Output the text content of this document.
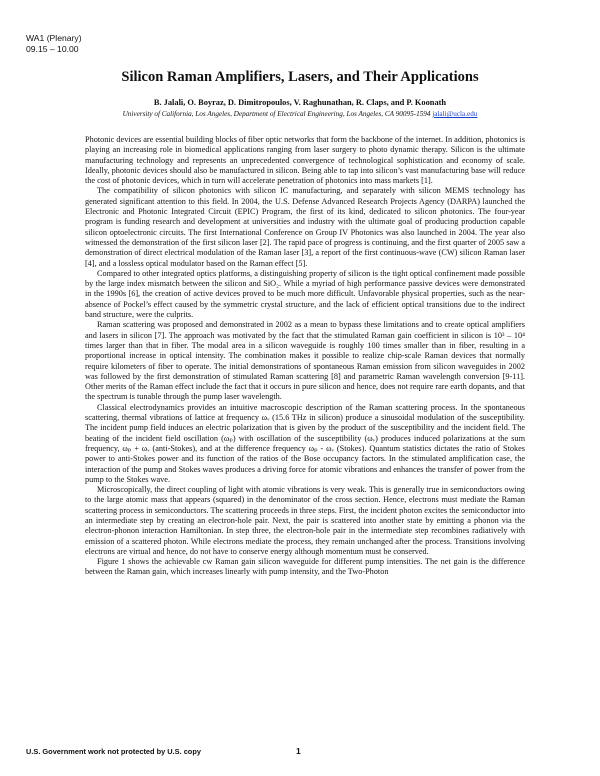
WA1 (Plenary)
09.15 – 10.00
Silicon Raman Amplifiers, Lasers, and Their Applications
B. Jalali, O. Boyraz, D. Dimitropoulos, V. Raghunathan, R. Claps, and P. Koonath
University of California, Los Angeles, Department of Electrical Engineering, Los Angeles, CA 90095-1594 jalali@ucla.edu

Photonic devices are essential building blocks of fiber optic networks that form the backbone of the internet. In addition, photonics is playing an increasing role in biomedical applications ranging from laser surgery to photo dynamic therapy. Silicon is the ultimate manufacturing technology and represents an unprecedented convergence of technological sophistication and economy of scale. Ideally, photonic devices should also be manufactured in silicon. Being able to tap into silicon’s vast manufacturing base will reduce the cost of photonic devices, which in turn will accelerate penetration of photonics into mass markets [1].

The compatibility of silicon photonics with silicon IC manufacturing, and separately with silicon MEMS technology has generated significant attention to this field. In 2004, the U.S. Defense Advanced Research Projects Agency (DARPA) launched the Electronic and Photonic Integrated Circuit (EPIC) Program, the first of its kind, dedicated to silicon photonics. The four-year program is funding research and development at universities and industry with the ultimate goal of producing production capable silicon optoelectronic circuits. The first International Conference on Group IV Photonics was also launched in 2004. The year also witnessed the demonstration of the first silicon laser [2]. The rapid pace of progress is continuing, and the first quarter of 2005 saw a demonstration of direct electrical modulation of the Raman laser [3], a report of the first continuous-wave (CW) silicon Raman laser [4], and a lossless optical modulator based on the Raman effect [5].

Compared to other integrated optics platforms, a distinguishing property of silicon is the tight optical confinement made possible by the large index mismatch between the silicon and SiO₂. While a myriad of high performance passive devices were demonstrated in the 1990s [6], the creation of active devices proved to be much more difficult. Unfavorable physical properties, such as the near-absence of Pockel’s effect caused by the symmetric crystal structure, and the lack of efficient optical transitions due to the indirect band structure, were the culprits.

Raman scattering was proposed and demonstrated in 2002 as a mean to bypass these limitations and to create optical amplifiers and lasers in silicon [7]. The approach was motivated by the fact that the stimulated Raman gain coefficient in silicon is 10³ – 10⁴ times larger than that in fiber. The modal area in a silicon waveguide is roughly 100 times smaller than in fiber, resulting in a proportional increase in optical intensity. The combination makes it possible to realize chip-scale Raman devices that normally require kilometers of fiber to operate. The initial demonstrations of spontaneous Raman emission from silicon waveguides in 2002 was followed by the first demonstration of stimulated Raman scattering [8] and parametric Raman wavelength conversion [9-11]. Other merits of the Raman effect include the fact that it occurs in pure silicon and hence, does not require rare earth dopants, and that the spectrum is tunable through the pump laser wavelength.

Classical electrodynamics provides an intuitive macroscopic description of the Raman scattering process. In the spontaneous scattering, thermal vibrations of lattice at frequency ωᵥ (15.6 THz in silicon) produce a sinusoidal modulation of the susceptibility. The incident pump field induces an electric polarization that is given by the product of the susceptibility and the incident field. The beating of the incident field oscillation (ωₚ) with oscillation of the susceptibility (ωᵥ) produces induced polarizations at the sum frequency, ωₚ + ωᵥ (anti-Stokes), and at the difference frequency ωₚ - ωᵥ (Stokes). Quantum statistics dictates the ratio of Stokes power to anti-Stokes power and its function of the ratios of the Bose occupancy factors. In the stimulated amplification case, the interaction of the pump and Stokes waves produces a driving force for atomic vibrations and enhances the transfer of power from the pump to the Stokes wave.

Microscopically, the direct coupling of light with atomic vibrations is very weak. This is generally true in semiconductors owing to the large atomic mass that appears (squared) in the denominator of the cross section. Hence, electrons must mediate the Raman scattering process in semiconductors. The scattering proceeds in three steps. First, the incident photon excites the semiconductor into an intermediate step by creating an electron-hole pair. Next, the pair is scattered into another state by emitting a phonon via the electron-phonon interaction Hamiltonian. In step three, the electron-hole pair in the intermediate step recombines radiatively with emission of a scattered photon. While electrons mediate the process, they remain unchanged after the process. Transitions involving electrons are virtual and hence, do not have to conserve energy although momentum must be conserved.

Figure 1 shows the achievable cw Raman gain silicon waveguide for different pump intensities. The net gain is the difference between the Raman gain, which increases linearly with pump intensity, and the Two-Photon

U.S. Government work not protected by U.S. copy	1
